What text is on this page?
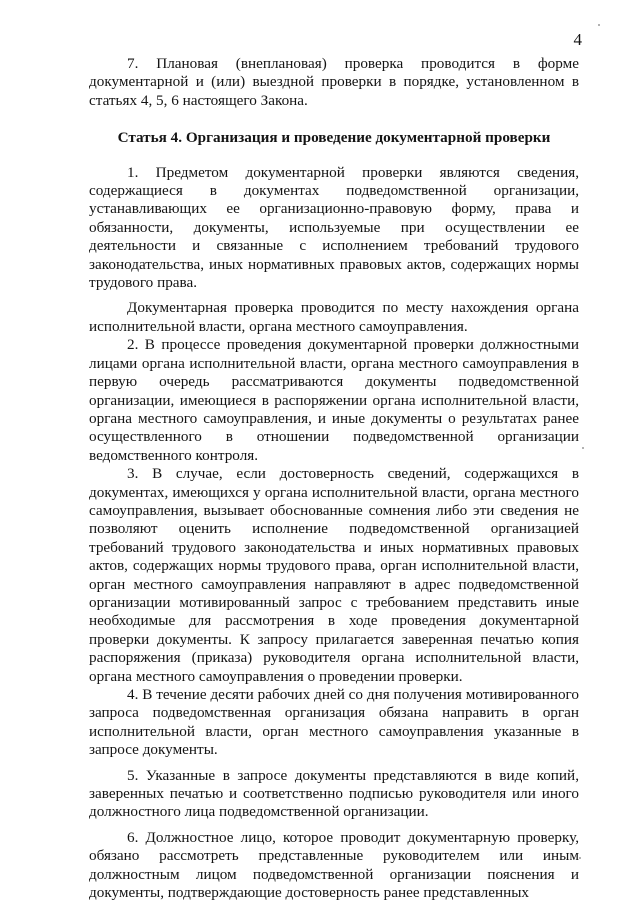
4

7. Плановая (внеплановая) проверка проводится в форме документарной и (или) выездной проверки в порядке, установленном в статьях 4, 5, 6 настоящего Закона.

Статья 4. Организация и проведение документарной проверки

1. Предметом документарной проверки являются сведения, содержащиеся в документах подведомственной организации, устанавливающих ее организационно-правовую форму, права и обязанности, документы, используемые при осуществлении ее деятельности и связанные с исполнением требований трудового законодательства, иных нормативных правовых актов, содержащих нормы трудового права.

Документарная проверка проводится по месту нахождения органа исполнительной власти, органа местного самоуправления.

2. В процессе проведения документарной проверки должностными лицами органа исполнительной власти, органа местного самоуправления в первую очередь рассматриваются документы подведомственной организации, имеющиеся в распоряжении органа исполнительной власти, органа местного самоуправления, и иные документы о результатах ранее осуществленного в отношении подведомственной организации ведомственного контроля.

3. В случае, если достоверность сведений, содержащихся в документах, имеющихся у органа исполнительной власти, органа местного самоуправления, вызывает обоснованные сомнения либо эти сведения не позволяют оценить исполнение подведомственной организацией требований трудового законодательства и иных нормативных правовых актов, содержащих нормы трудового права, орган исполнительной власти, орган местного самоуправления направляют в адрес подведомственной организации мотивированный запрос с требованием представить иные необходимые для рассмотрения в ходе проведения документарной проверки документы. К запросу прилагается заверенная печатью копия распоряжения (приказа) руководителя органа исполнительной власти, органа местного самоуправления о проведении проверки.

4. В течение десяти рабочих дней со дня получения мотивированного запроса подведомственная организация обязана направить в орган исполнительной власти, орган местного самоуправления указанные в запросе документы.

5. Указанные в запросе документы представляются в виде копий, заверенных печатью и соответственно подписью руководителя или иного должностного лица подведомственной организации.

6. Должностное лицо, которое проводит документарную проверку, обязано рассмотреть представленные руководителем или иным должностным лицом подведомственной организации пояснения и документы, подтверждающие достоверность ранее представленных
